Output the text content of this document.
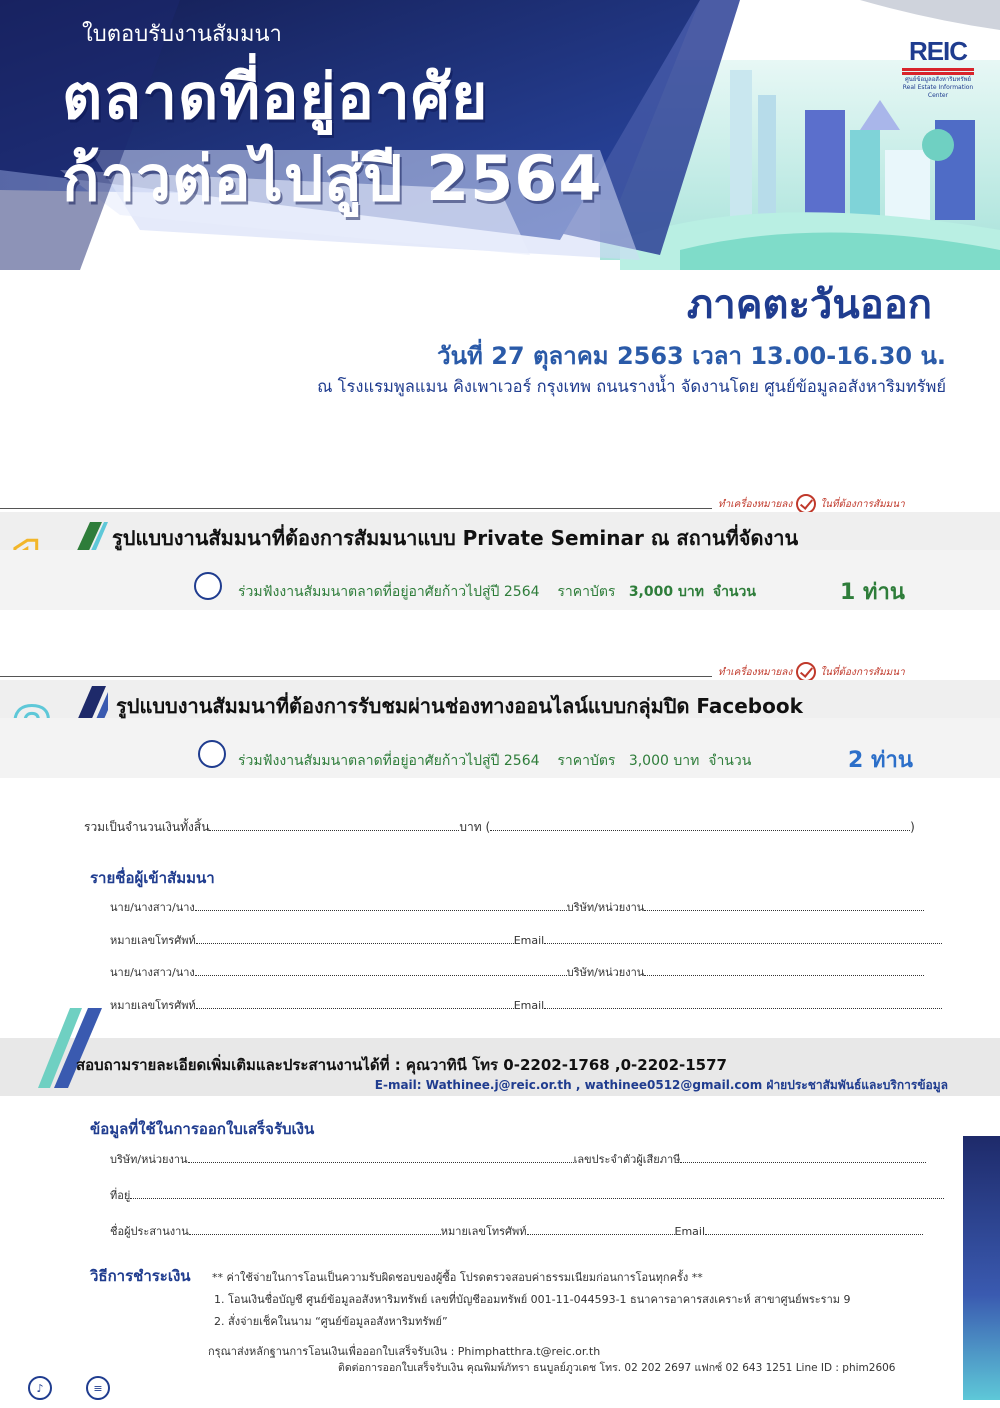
ใบตอบรับงานสัมมนา
ตลาดที่อยู่อาศัย
ก้าวต่อไปสู่ปี 2564
REIC
ศูนย์ข้อมูลอสังหาริมทรัพย์
Real Estate Information Center
ภาคตะวันออก
วันที่ 27 ตุลาคม 2563 เวลา 13.00-16.30 น.
ณ โรงแรมพูลแมน คิงเพาเวอร์ กรุงเทพ ถนนรางน้ำ จัดงานโดย ศูนย์ข้อมูลอสังหาริมทรัพย์
ทำเครื่องหมายลง	ในที่ต้องการสัมมนา
รูปแบบงานสัมมนาที่ต้องการสัมมนาแบบ Private Seminar ณ สถานที่จัดงาน
ร่วมฟังงานสัมมนาตลาดที่อยู่อาศัยก้าวไปสู่ปี 2564 ราคาบัตร 3,000 บาท จำนวน	1 ท่าน
ทำเครื่องหมายลง	ในที่ต้องการสัมมนา
รูปแบบงานสัมมนาที่ต้องการรับชมผ่านช่องทางออนไลน์แบบกลุ่มปิด Facebook
ร่วมฟังงานสัมมนาตลาดที่อยู่อาศัยก้าวไปสู่ปี 2564 ราคาบัตร 3,000 บาท จำนวน	2 ท่าน
รวมเป็นจำนวนเงินทั้งสิ้น	บาท (	)
รายชื่อผู้เข้าสัมมนา
นาย/นางสาว/นาง	บริษัท/หน่วยงาน
หมายเลขโทรศัพท์	Email
นาย/นางสาว/นาง	บริษัท/หน่วยงาน
หมายเลขโทรศัพท์	Email
สอบถามรายละเอียดเพิ่มเติมและประสานงานได้ที่ : คุณวาทินี โทร 0-2202-1768 ,0-2202-1577
E-mail: Wathinee.j@reic.or.th , wathinee0512@gmail.com ฝ่ายประชาสัมพันธ์และบริการข้อมูล
ข้อมูลที่ใช้ในการออกใบเสร็จรับเงิน
บริษัท/หน่วยงาน	เลขประจำตัวผู้เสียภาษี
ที่อยู่
ชื่อผู้ประสานงาน	หมายเลขโทรศัพท์	Email
วิธีการชำระเงิน ** ค่าใช้จ่ายในการโอนเป็นความรับผิดชอบของผู้ซื้อ โปรดตรวจสอบค่าธรรมเนียมก่อนการโอนทุกครั้ง **
1. โอนเงินชื่อบัญชี ศูนย์ข้อมูลอสังหาริมทรัพย์ เลขที่บัญชีออมทรัพย์ 001-11-044593-1 ธนาคารอาคารสงเคราะห์ สาขาศูนย์พระราม 9
2. สั่งจ่ายเช็คในนาม “ศูนย์ข้อมูลอสังหาริมทรัพย์”
กรุณาส่งหลักฐานการโอนเงินเพื่อออกใบเสร็จรับเงิน : Phimphatthra.t@reic.or.th
ติดต่อการออกใบเสร็จรับเงิน คุณพิมพ์ภัทรา ธนบูลย์ภูวเดช โทร. 02 202 2697 แฟกซ์ 02 643 1251 Line ID : phim2606
♪	≡
